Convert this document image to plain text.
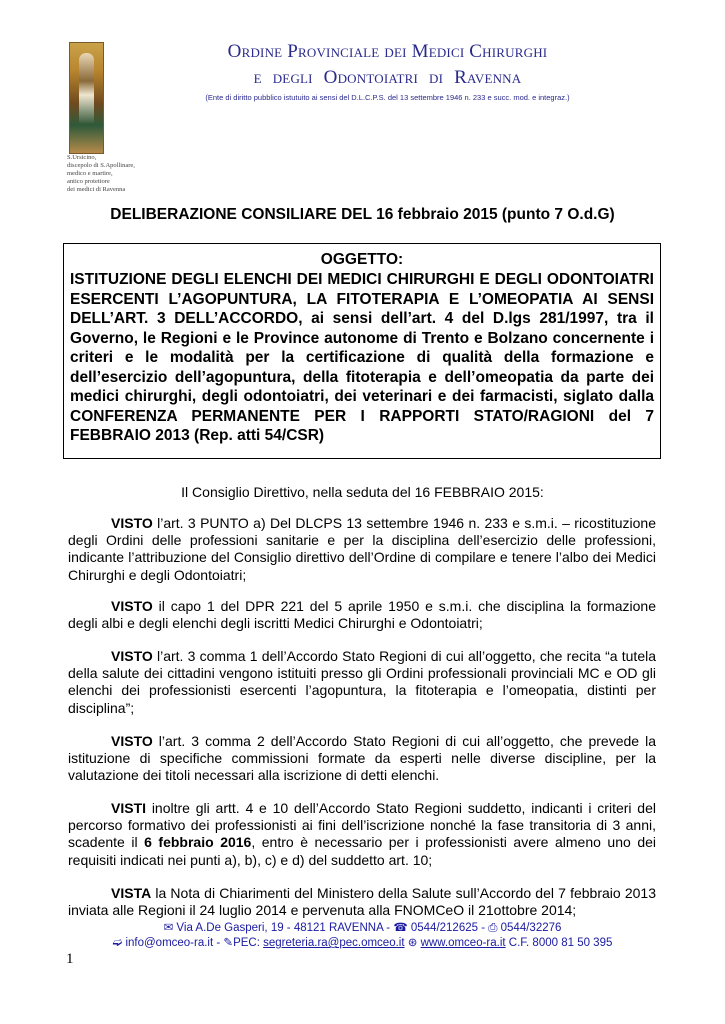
S.Ursicino,
discepolo di S.Apollinare,
medico e martire,
antico protettore
dei medici di Ravenna
Ordine Provinciale dei Medici Chirurghi
e degli Odontoiatri di Ravenna
(Ente di diritto pubblico istutuito ai sensi del D.L.C.P.S. del 13 settembre 1946 n. 233 e succ. mod. e integraz.)
DELIBERAZIONE CONSILIARE DEL 16 febbraio 2015 (punto 7 O.d.G)
OGGETTO:
ISTITUZIONE DEGLI ELENCHI DEI MEDICI CHIRURGHI E DEGLI ODONTOIATRI ESERCENTI L’AGOPUNTURA, LA FITOTERAPIA E L’OMEOPATIA AI SENSI DELL’ART. 3 DELL’ACCORDO, ai sensi dell’art. 4 del D.lgs 281/1997, tra il Governo, le Regioni e le Province autonome di Trento e Bolzano concernente i criteri e le modalità per la certificazione di qualità della formazione e dell’esercizio dell’agopuntura, della fitoterapia e dell’omeopatia da parte dei medici chirurghi, degli odontoiatri, dei veterinari e dei farmacisti, siglato dalla CONFERENZA PERMANENTE PER I RAPPORTI STATO/RAGIONI del 7 FEBBRAIO 2013 (Rep. atti 54/CSR)
Il Consiglio Direttivo, nella seduta del 16 FEBBRAIO 2015:
VISTO l’art. 3 PUNTO a) Del DLCPS 13 settembre 1946 n. 233 e s.m.i. – ricostituzione degli Ordini delle professioni sanitarie e per la disciplina dell’esercizio delle professioni, indicante l’attribuzione del Consiglio direttivo dell’Ordine di compilare e tenere l’albo dei Medici Chirurghi e degli Odontoiatri;
VISTO il capo 1 del DPR 221 del 5 aprile 1950 e s.m.i. che disciplina la formazione degli albi e degli elenchi degli iscritti Medici Chirurghi e Odontoiatri;
VISTO l’art. 3 comma 1 dell’Accordo Stato Regioni di cui all’oggetto, che recita “a tutela della salute dei cittadini vengono istituiti presso gli Ordini professionali provinciali MC e OD gli elenchi dei professionisti esercenti l’agopuntura, la fitoterapia e l’omeopatia, distinti per disciplina”;
VISTO l’art. 3 comma 2 dell’Accordo Stato Regioni di cui all’oggetto, che prevede la istituzione di specifiche commissioni formate da esperti nelle diverse discipline, per la valutazione dei titoli necessari alla iscrizione di detti elenchi.
VISTI inoltre gli artt. 4 e 10 dell’Accordo Stato Regioni suddetto, indicanti i criteri del percorso formativo dei professionisti ai fini dell’iscrizione nonché la fase transitoria di 3 anni, scadente il 6 febbraio 2016, entro è necessario per i professionisti avere almeno uno dei requisiti indicati nei punti a), b), c) e d) del suddetto art. 10;
VISTA la Nota di Chiarimenti del Ministero della Salute sull’Accordo del 7 febbraio 2013 inviata alle Regioni il 24 luglio 2014 e pervenuta alla FNOMCeO il 21ottobre 2014;
✉ Via A.De Gasperi, 19 - 48121 RAVENNA - ☎ 0544/212625 - ⎙ 0544/32276
➫ info@omceo-ra.it - ✎PEC: segreteria.ra@pec.omceo.it ⊛ www.omceo-ra.it C.F. 8000 81 50 395
1
